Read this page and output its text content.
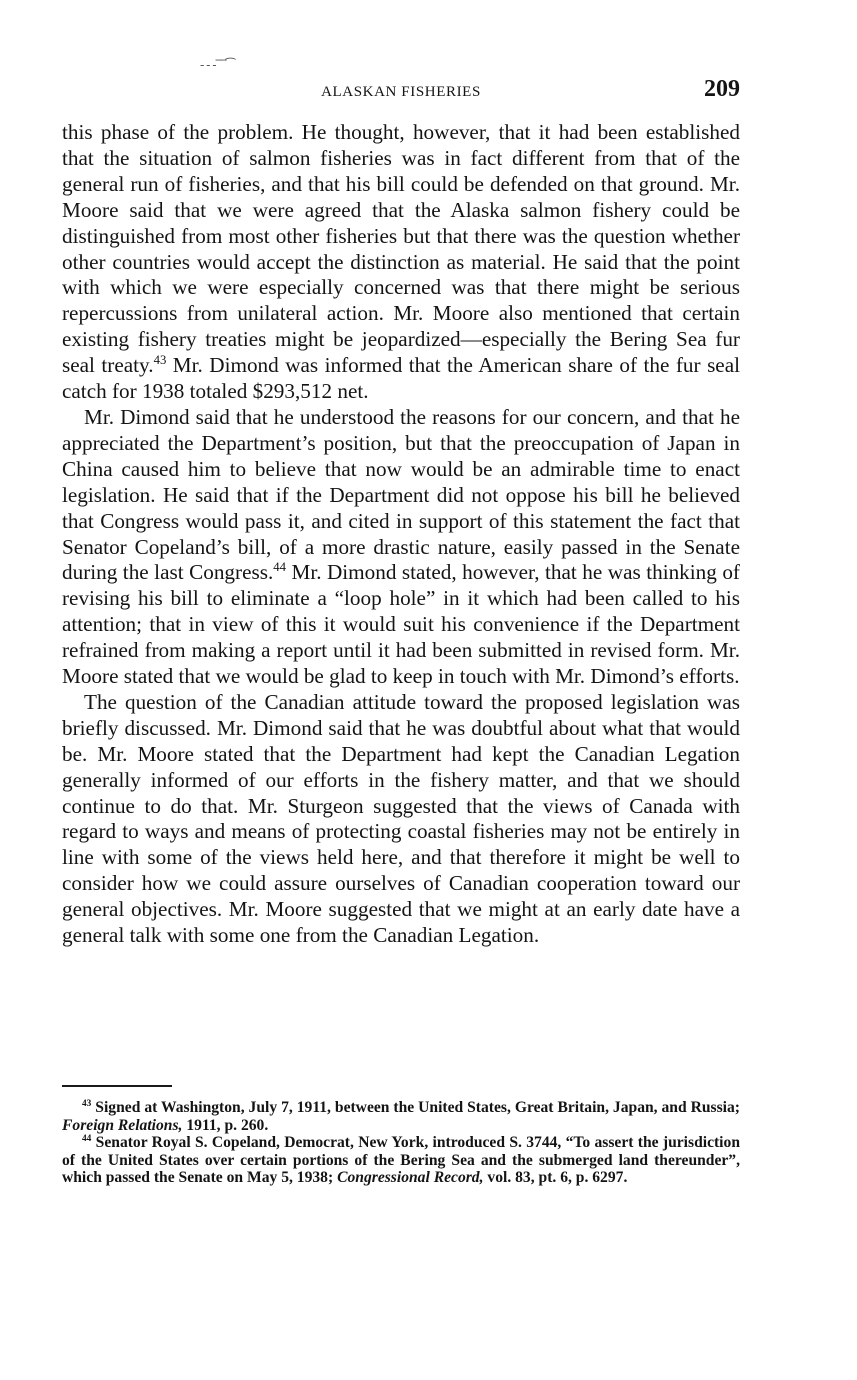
- - -‾‾⁀
ALASKAN FISHERIES	209

this phase of the problem. He thought, however, that it had been established that the situation of salmon fisheries was in fact different from that of the general run of fisheries, and that his bill could be defended on that ground. Mr. Moore said that we were agreed that the Alaska salmon fishery could be distinguished from most other fisheries but that there was the question whether other countries would accept the distinction as material. He said that the point with which we were especially concerned was that there might be serious repercussions from unilateral action. Mr. Moore also mentioned that certain existing fishery treaties might be jeopardized—especially the Bering Sea fur seal treaty.$^{43}$ Mr. Dimond was informed that the American share of the fur seal catch for 1938 totaled $293,512 net.

Mr. Dimond said that he understood the reasons for our concern, and that he appreciated the Department’s position, but that the preoccupation of Japan in China caused him to believe that now would be an admirable time to enact legislation. He said that if the Department did not oppose his bill he believed that Congress would pass it, and cited in support of this statement the fact that Senator Copeland’s bill, of a more drastic nature, easily passed in the Senate during the last Congress.$^{44}$ Mr. Dimond stated, however, that he was thinking of revising his bill to eliminate a “loop hole” in it which had been called to his attention; that in view of this it would suit his convenience if the Department refrained from making a report until it had been submitted in revised form. Mr. Moore stated that we would be glad to keep in touch with Mr. Dimond’s efforts.

The question of the Canadian attitude toward the proposed legislation was briefly discussed. Mr. Dimond said that he was doubtful about what that would be. Mr. Moore stated that the Department had kept the Canadian Legation generally informed of our efforts in the fishery matter, and that we should continue to do that. Mr. Sturgeon suggested that the views of Canada with regard to ways and means of protecting coastal fisheries may not be entirely in line with some of the views held here, and that therefore it might be well to consider how we could assure ourselves of Canadian cooperation toward our general objectives. Mr. Moore suggested that we might at an early date have a general talk with some one from the Canadian Legation.

$^{43}$ Signed at Washington, July 7, 1911, between the United States, Great Britain, Japan, and Russia; Foreign Relations, 1911, p. 260.

$^{44}$ Senator Royal S. Copeland, Democrat, New York, introduced S. 3744, “To assert the jurisdiction of the United States over certain portions of the Bering Sea and the submerged land thereunder”, which passed the Senate on May 5, 1938; Congressional Record, vol. 83, pt. 6, p. 6297.
